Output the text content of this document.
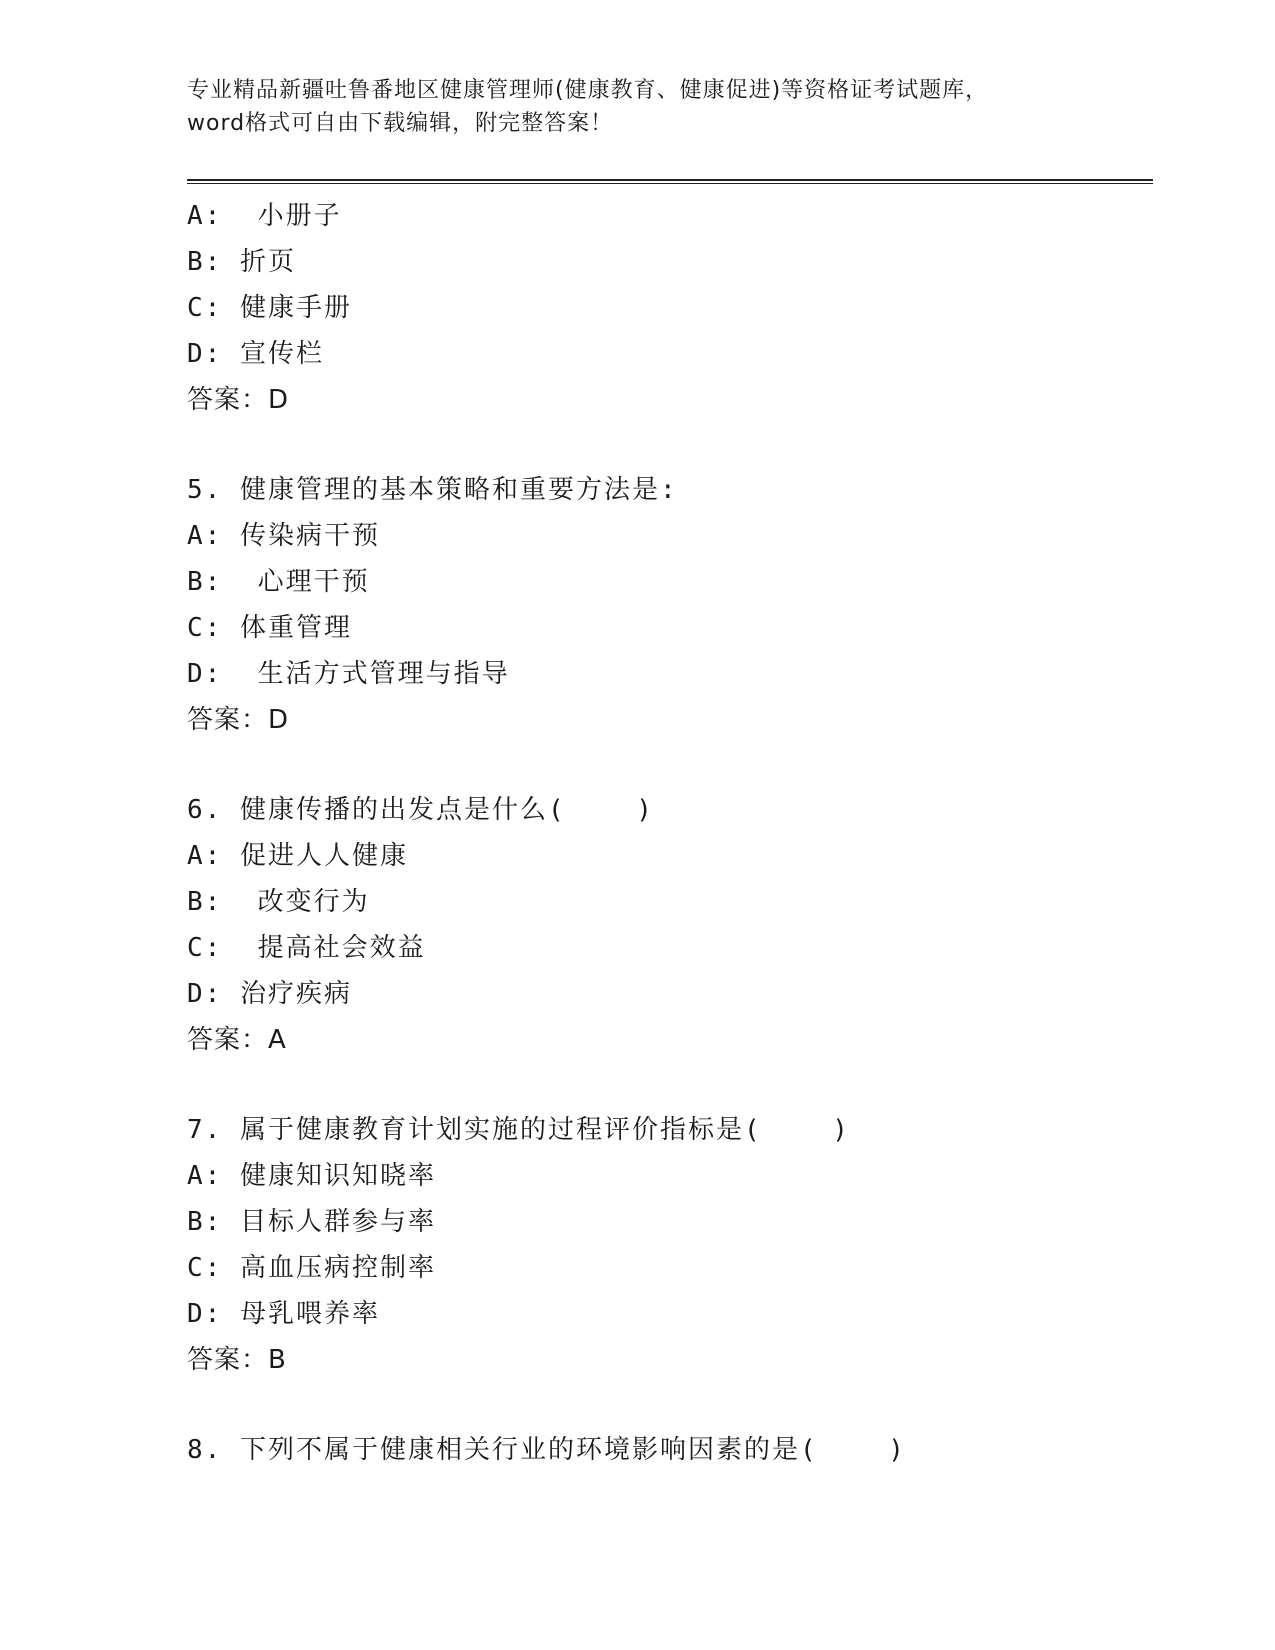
专业精品新疆吐鲁番地区健康管理师(健康教育、健康促进)等资格证考试题库，
word格式可自由下载编辑，附完整答案！
A:  小册子
B: 折页
C: 健康手册
D: 宣传栏
答案：D
5. 健康管理的基本策略和重要方法是:
A: 传染病干预
B:  心理干预
C: 体重管理
D:  生活方式管理与指导
答案：D
6. 健康传播的出发点是什么(    )
A: 促进人人健康
B:  改变行为
C:  提高社会效益
D: 治疗疾病
答案：A
7. 属于健康教育计划实施的过程评价指标是(    )
A: 健康知识知晓率
B: 目标人群参与率
C: 高血压病控制率
D: 母乳喂养率
答案：B
8. 下列不属于健康相关行业的环境影响因素的是(    )
